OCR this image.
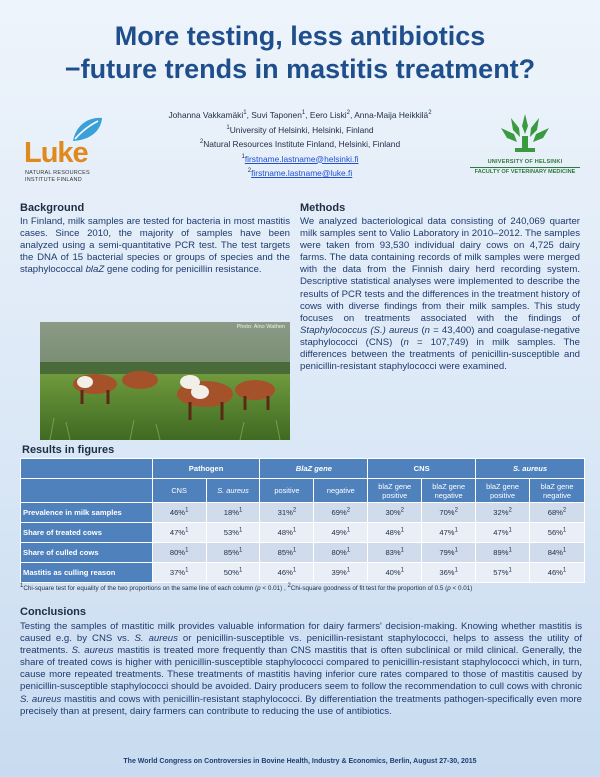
More testing, less antibiotics
−future trends in mastitis treatment?
Luke
NATURAL RESOURCES
INSTITUTE FINLAND
Johanna Vakkamäki$^1$, Suvi Taponen$^1$, Eero Liski$^2$, Anna-Maija Heikkilä$^2$
$^1$University of Helsinki, Helsinki, Finland
$^2$Natural Resources Institute Finland, Helsinki, Finland
$^1$firstname.lastname@helsinki.fi
$^2$firstname.lastname@luke.fi
UNIVERSITY OF HELSINKI
FACULTY OF VETERINARY MEDICINE
Background
In Finland, milk samples are tested for bacteria in most mastitis cases. Since 2010, the majority of samples have been analyzed using a semi-quantitative PCR test. The test targets the DNA of 15 bacterial species or groups of species and the staphylococcal blaZ gene coding for penicillin resistance.
Photo: Aino Wathen
Methods
We analyzed bacteriological data consisting of 240,069 quarter milk samples sent to Valio Laboratory in 2010–2012. The samples were taken from 93,530 individual dairy cows on 4,725 dairy farms. The data containing records of milk samples were merged with the data from the Finnish dairy herd recording system. Descriptive statistical analyses were implemented to describe the results of PCR tests and the differences in the treatment history of cows with diverse findings from their milk samples. This study focuses on treatments associated with the findings of Staphylococcus (S.) aureus (n = 43,400) and coagulase-negative staphylococci (CNS) (n = 107,749) in milk samples. The differences between the treatments of penicillin-susceptible and penicillin-resistant staphylococci were examined.
Results in figures
	Pathogen		BlaZ gene		CNS		S. aureus	
	CNS	S. aureus	positive	negative	blaZ gene positive	blaZ gene negative	blaZ gene positive	blaZ gene negative
Prevalence in milk samples	46%$^1$	18%$^1$	31%$^2$	69%$^2$	30%$^2$	70%$^2$	32%$^2$	68%$^2$
Share of treated cows	47%$^1$	53%$^1$	48%$^1$	49%$^1$	48%$^1$	47%$^1$	47%$^1$	56%$^1$
Share of culled cows	80%$^1$	85%$^1$	85%$^1$	80%$^1$	83%$^1$	79%$^1$	89%$^1$	84%$^1$
Mastitis as culling reason	37%$^1$	50%$^1$	46%$^1$	39%$^1$	40%$^1$	36%$^1$	57%$^1$	46%$^1$
$^1$Chi-square test for equality of the two proportions on the same line of each column (p < 0.01) , $^2$Chi-square goodness of fit test for the proportion of 0.5 (p < 0.01)
Conclusions
Testing the samples of mastitic milk provides valuable information for dairy farmers' decision-making. Knowing whether mastitis is caused e.g. by CNS vs. S. aureus or penicillin-susceptible vs. penicillin-resistant staphylococci, helps to assess the utility of treatments. S. aureus mastitis is treated more frequently than CNS mastitis that is often subclinical or mild clinical. Generally, the share of treated cows is higher with penicillin-susceptible staphylococci compared to penicillin-resistant staphylococci which, in turn, cause more repeated treatments. These treatments of mastitis having inferior cure rates compared to those of mastitis caused by penicillin-susceptible staphylococci should be avoided. Dairy producers seem to follow the recommendation to cull cows with chronic S. aureus mastitis and cows with penicillin-resistant staphylococci. By differentiation the treatments pathogen-specifically even more precisely than at present, dairy farmers can contribute to reducing the use of antibiotics.
The World Congress on Controversies in Bovine Health, Industry & Economics, Berlin, August 27-30, 2015
